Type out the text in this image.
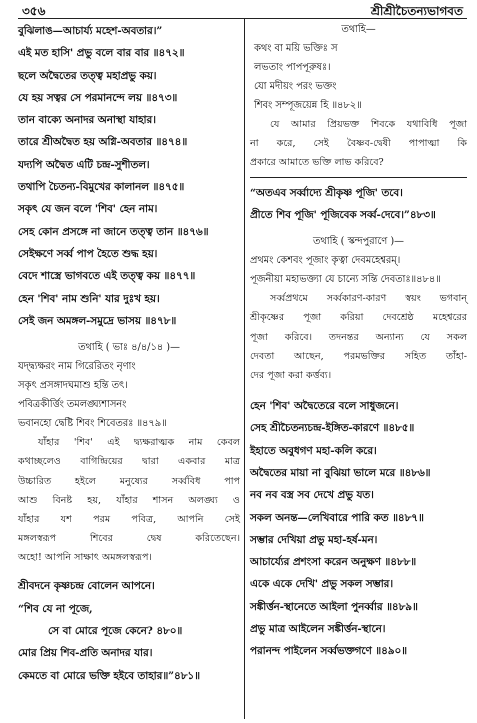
৩৫৬	শ্রীশ্রীচৈতন্যভাগবত
বুঝিলাঙ—আচার্য্য মহেশ-অবতার।”
এই মত হাসি' প্রভু বলে বার বার ॥৪৭২॥
ছলে অদ্বৈতের তত্ত্ব মহাপ্রভু কয়।
যে হয় সত্বর সে পরমানন্দে লয় ॥৪৭৩॥
তান বাক্যে অনাদর অনাস্থা যাহার।
তারে শ্রীঅদ্বৈত হয় অগ্নি-অবতার ॥৪৭৪॥
যদ্যপি অদ্বৈত এটি চন্দ্র-সুশীতল।
তথাপি চৈতন্য-বিমুখের কালানল ॥৪৭৫॥
সকৃৎ যে জন বলে 'শিব' হেন নাম।
সেহ কোন প্রসঙ্গে না জানে তত্ত্ব তান ॥৪৭৬॥
সেইক্ষণে সর্ব্ব পাপ হৈতে শুদ্ধ হয়।
বেদে শাস্ত্রে ভাগবতে এই তত্ত্ব কয় ॥৪৭৭॥
হেন 'শিব' নাম শুনি' যার দুঃখ হয়।
সেই জন অমঙ্গল-সমুদ্রে ভাসয় ॥৪৭৮॥
তথাহি ( ভাঃ ৪/৪/১৪ )—
যদ্দ্ব্যক্ষরং নাম গিরেরিতং নৃণাং
সকৃৎ প্রসঙ্গাদঘমাশু হন্তি তৎ।
পবিত্রকীর্ত্তিং তমলঙ্ঘ্যশাসনং
ভবানহো দ্বেষ্টি শিবং শিবেতরঃ ॥৪৭৯॥
যাঁহার 'শিব' এই দ্ব্যক্ষরাত্মক নাম কেবল
কথাচ্ছলেও বাগিন্দ্রিয়ের দ্বারা একবার মাত্র
উচ্চারিত হইলে মনুষ্যের সর্ব্ববিধ পাপ
আশু বিনষ্ট হয়, যাঁহার শাসন অলঙ্ঘ্য ও
যাঁহার যশ পরম পবিত্র, আপনি সেই
মঙ্গলস্বরূপ শিবের দ্বেষ করিতেছেন।
অহো! আপনি সাক্ষাৎ অমঙ্গলস্বরূপ।
শ্রীবদনে কৃষ্ণচন্দ্র বোলেন আপনে।
“শিব যে না পূজে,
সে বা মোরে পূজে কেনে? ৪৮০॥
মোর প্রিয় শিব-প্রতি অনাদর যার।
কেমতে বা মোরে ভক্তি হইবে তাহার॥”৪৮১॥
তথাহি—
কথং বা ময়ি ভক্তিঃ স
লভতাং পাপপূরুষঃ।
যো মদীয়ং পরং ভক্তং
শিবং সম্পূজয়েন্ন হি ॥৪৮২॥
যে আমার প্রিয়ভক্ত শিবকে যথাবিধি পূজা
না করে, সেই বৈষ্ণব-দ্বেষী পাপাত্মা কি
প্রকারে আমাতে ভক্তি লাভ করিবে?
“অতএব সর্ব্বাদ্যে শ্রীকৃষ্ণ পূজি' তবে।
প্রীতে শিব পূজি' পূজিবেক সর্ব্ব-দেবে।”৪৮৩॥
তথাহি ( স্কন্দপুরাণে )—
প্রথমং কেশবং পূজাং কৃত্বা দেবমহেশ্বরম্।
পূজনীয়া মহাভক্ত্যা যে চান্যে সন্তি দেবতাঃ॥৪৮৪॥
সর্ব্বপ্রথমে সর্ব্বকারণ-কারণ স্বয়ং ভগবান্
শ্রীকৃষ্ণের পূজা করিয়া দেবশ্রেষ্ঠ মহেশ্বরের
পূজা করিবে। তদনন্তর অন্যান্য যে সকল
দেবতা আছেন, পরমভক্তির সহিত তাঁহা-
দের পূজা করা কর্ত্তব্য।
হেন 'শিব' অদ্বৈতেরে বলে সাধুজনে।
সেহ শ্রীচৈতন্যচন্দ্র-ইঙ্গিত-কারণে ॥৪৮৫॥
ইহাতে অবুধগণ মহা-কলি করে।
অদ্বৈতের মায়া না বুঝিয়া ভালে মরে ॥৪৮৬॥
নব নব বস্ত্র সব দেখে প্রভু যত।
সকল অনন্ত—লেখিবারে পারি কত ॥৪৮৭॥
সম্ভার দেখিয়া প্রভু মহা-হর্ষ-মন।
আচার্য্যের প্রশংসা করেন অনুক্ষণ ॥৪৮৮॥
একে একে দেখি' প্রভু সকল সম্ভার।
সঙ্কীর্ত্তন-স্থানেতে আইলা পুনর্ব্বার ॥৪৮৯॥
প্রভু মাত্র আইলেন সঙ্কীর্ত্তন-স্থানে।
পরানন্দ পাইলেন সর্ব্বভক্তগণে ॥৪৯০॥
